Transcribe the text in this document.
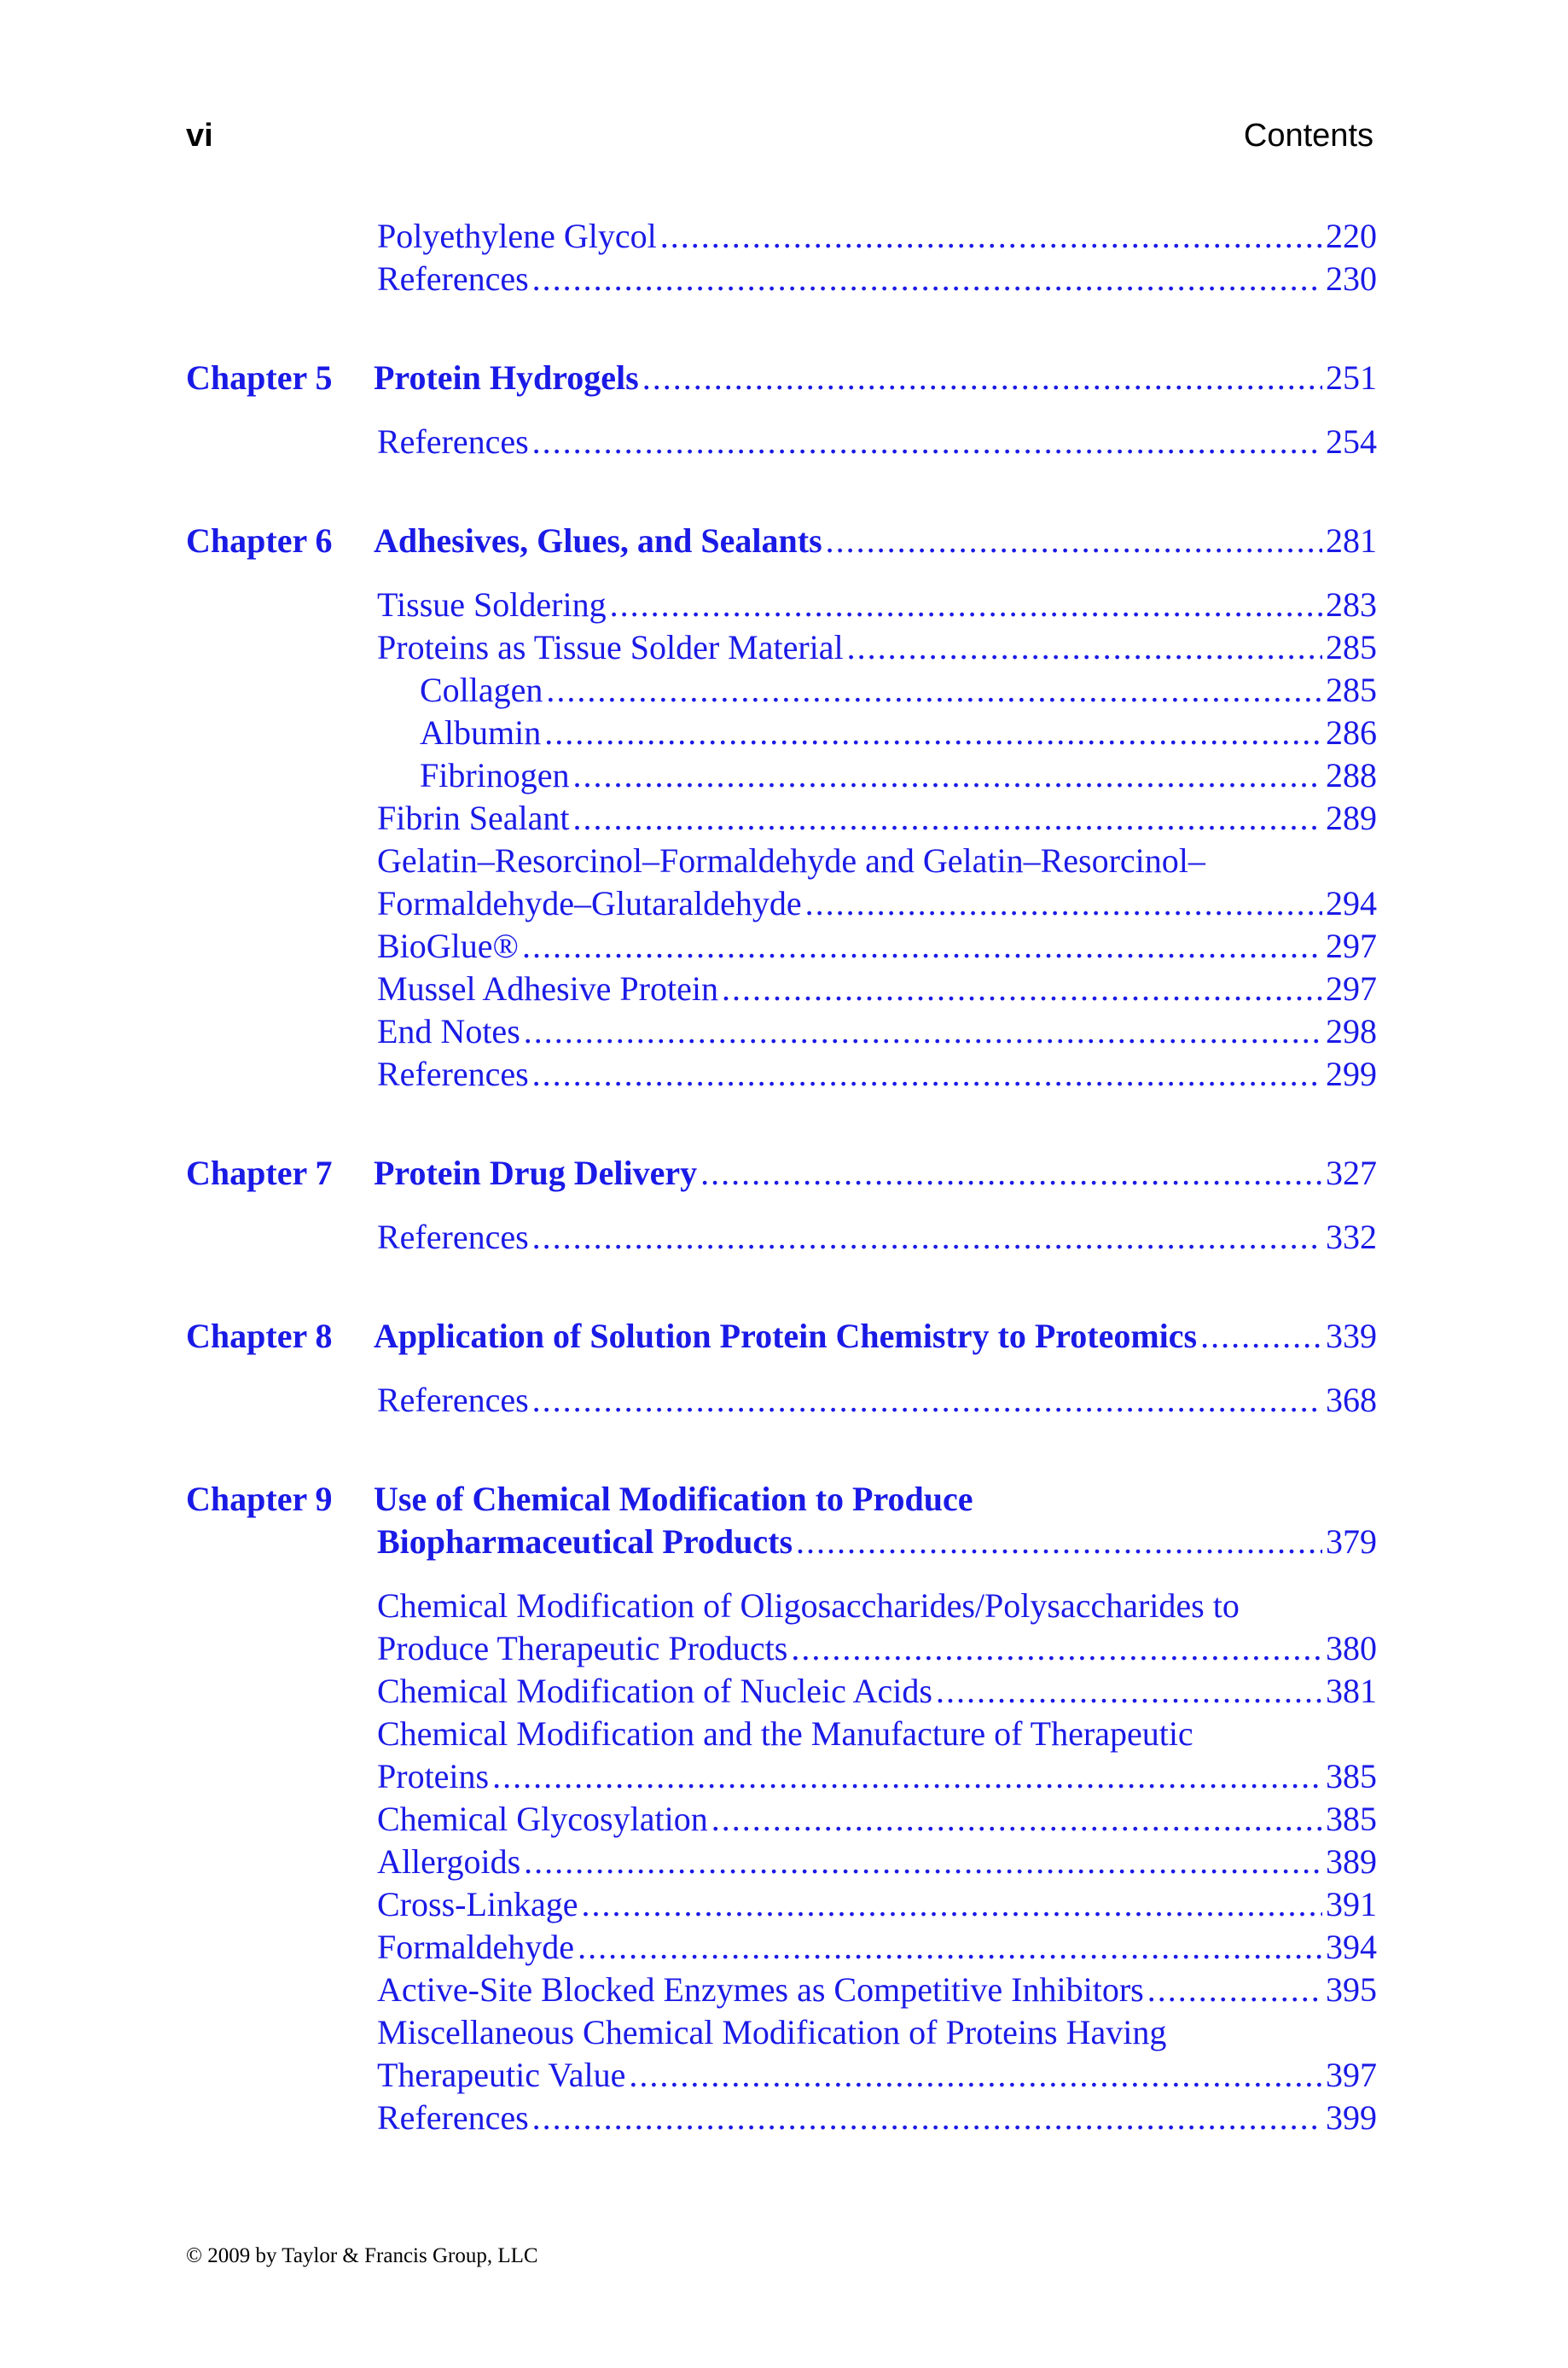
vi	Contents
Polyethylene Glycol .....	220
References .....	230
Chapter 5 Protein Hydrogels .....	251
References .....	254
Chapter 6 Adhesives, Glues, and Sealants .....	281
Tissue Soldering .....	283
Proteins as Tissue Solder Material .....	285
Collagen .....	285
Albumin .....	286
Fibrinogen .....	288
Fibrin Sealant .....	289
Gelatin–Resorcinol–Formaldehyde and Gelatin–Resorcinol–
Formaldehyde–Glutaraldehyde .....	294
BioGlue® .....	297
Mussel Adhesive Protein .....	297
End Notes .....	298
References .....	299
Chapter 7 Protein Drug Delivery .....	327
References .....	332
Chapter 8 Application of Solution Protein Chemistry to Proteomics .....	339
References .....	368
Chapter 9 Use of Chemical Modification to Produce
Biopharmaceutical Products .....	379
Chemical Modification of Oligosaccharides/Polysaccharides to
Produce Therapeutic Products .....	380
Chemical Modification of Nucleic Acids .....	381
Chemical Modification and the Manufacture of Therapeutic
Proteins .....	385
Chemical Glycosylation .....	385
Allergoids .....	389
Cross-Linkage .....	391
Formaldehyde .....	394
Active-Site Blocked Enzymes as Competitive Inhibitors .....	395
Miscellaneous Chemical Modification of Proteins Having
Therapeutic Value .....	397
References .....	399
© 2009 by Taylor & Francis Group, LLC
